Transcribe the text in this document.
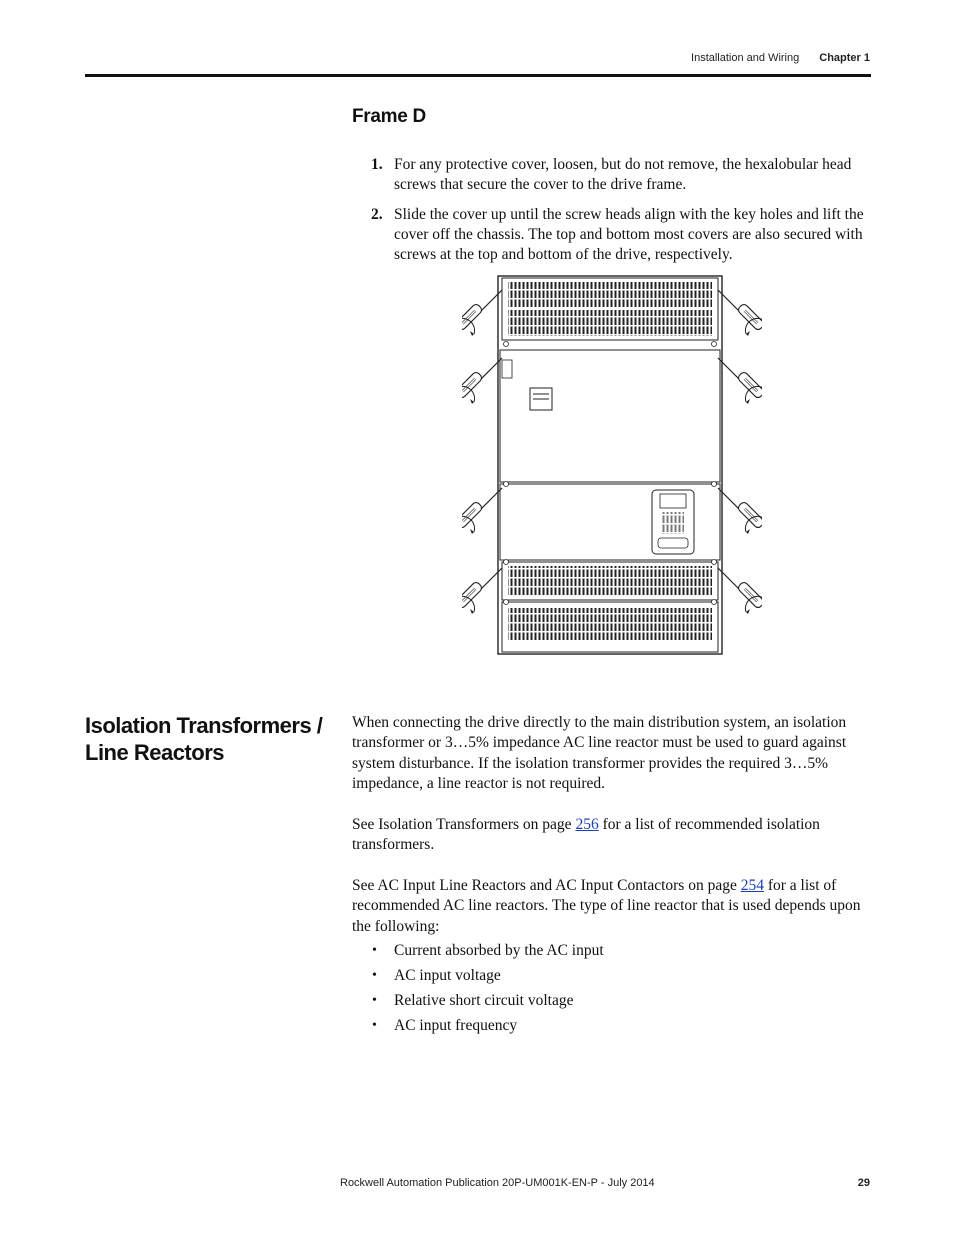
Installation and Wiring Chapter 1
Frame D
1. For any protective cover, loosen, but do not remove, the hexalobular head screws that secure the cover to the drive frame.
2. Slide the cover up until the screw heads align with the key holes and lift the cover off the chassis. The top and bottom most covers are also secured with screws at the top and bottom of the drive, respectively.
Isolation Transformers / Line Reactors
When connecting the drive directly to the main distribution system, an isolation transformer or 3…5% impedance AC line reactor must be used to guard against system disturbance. If the isolation transformer provides the required 3…5% impedance, a line reactor is not required.
See Isolation Transformers on page 256 for a list of recommended isolation transformers.
See AC Input Line Reactors and AC Input Contactors on page 254 for a list of recommended AC line reactors. The type of line reactor that is used depends upon the following:
• Current absorbed by the AC input
• AC input voltage
• Relative short circuit voltage
• AC input frequency
Rockwell Automation Publication 20P-UM001K-EN-P - July 2014	29
